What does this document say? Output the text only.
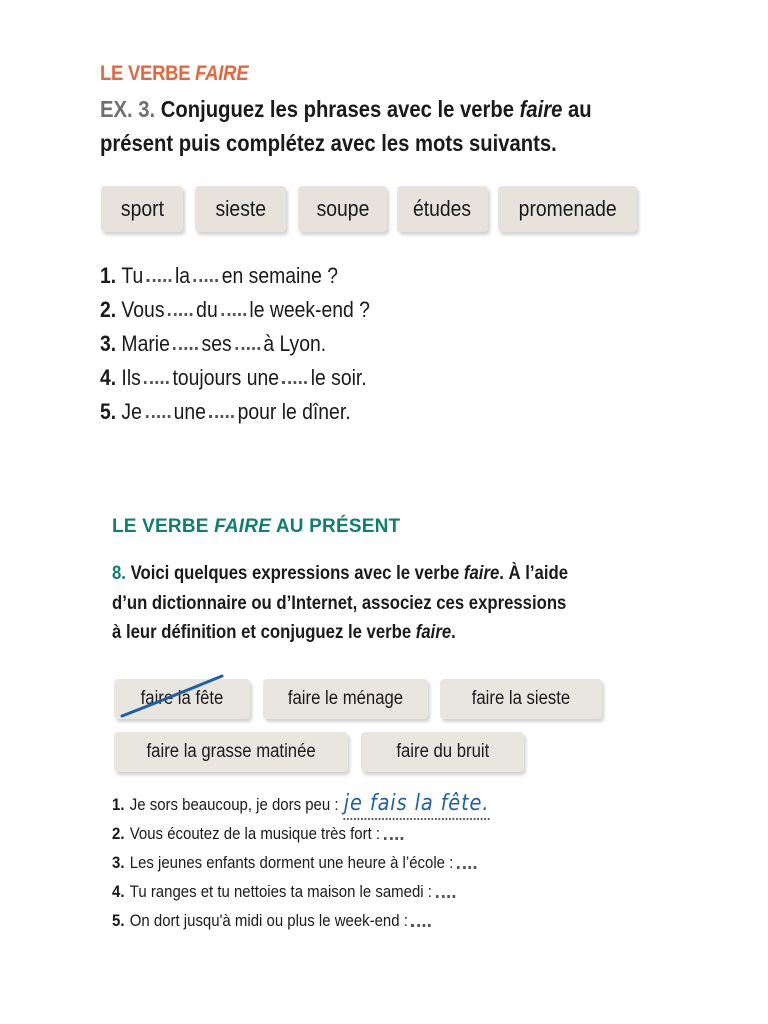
LE VERBE FAIRE
EX. 3. Conjuguez les phrases avec le verbe faire au
présent puis complétez avec les mots suivants.
sport	sieste	soupe	études	promenade
1. Tu la en semaine ?
2. Vous du le week-end ?
3. Marie ses à Lyon.
4. Ils toujours une le soir.
5. Je une pour le dîner.
LE VERBE FAIRE AU PRÉSENT
8. Voici quelques expressions avec le verbe faire. À l’aide
d’un dictionnaire ou d’Internet, associez ces expressions
à leur définition et conjuguez le verbe faire.
faire la fête	faire le ménage	faire la sieste
faire la grasse matinée	faire du bruit
1. Je sors beaucoup, je dors peu : je fais la fête.
2. Vous écoutez de la musique très fort :
3. Les jeunes enfants dorment une heure à l’école :
4. Tu ranges et tu nettoies ta maison le samedi :
5. On dort jusqu'à midi ou plus le week-end :
